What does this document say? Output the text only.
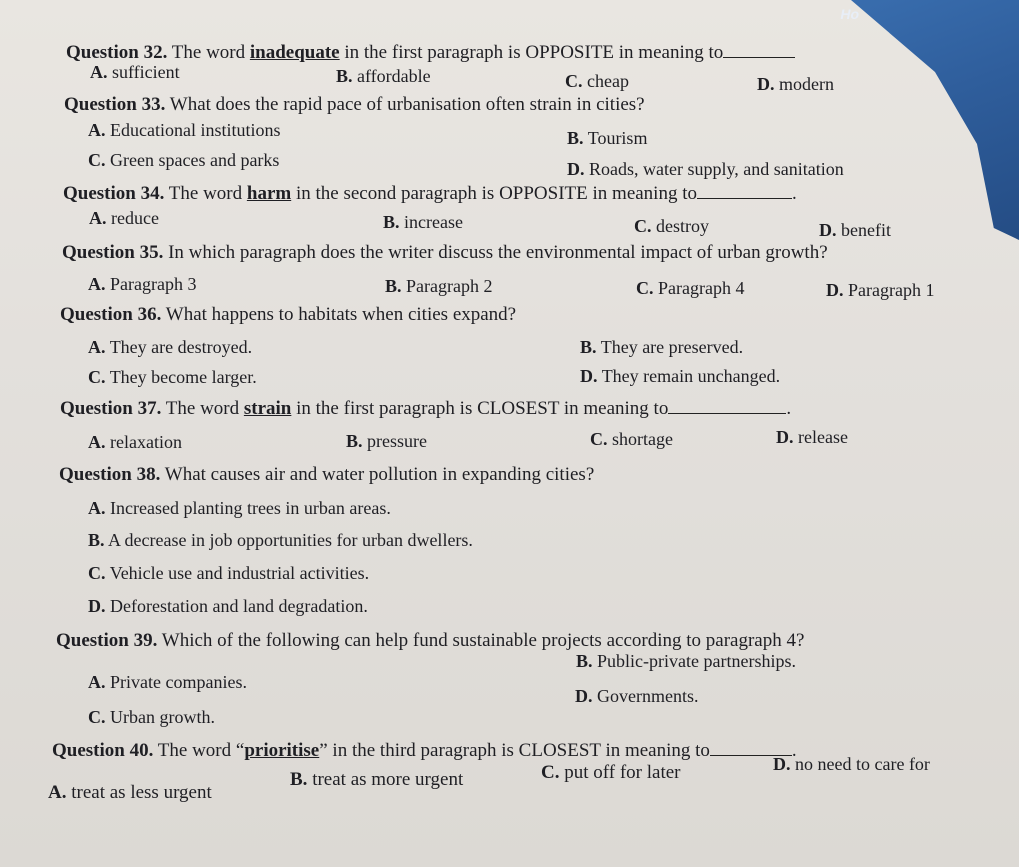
Ho
Question 32. The word inadequate in the first paragraph is OPPOSITE in meaning to
A. sufficient	B. affordable	C. cheap	D. modern
Question 33. What does the rapid pace of urbanisation often strain in cities?
A. Educational institutions	B. Tourism
C. Green spaces and parks	D. Roads, water supply, and sanitation
Question 34. The word harm in the second paragraph is OPPOSITE in meaning to	.
A. reduce	B. increase	C. destroy	D. benefit
Question 35. In which paragraph does the writer discuss the environmental impact of urban growth?
A. Paragraph 3	B. Paragraph 2	C. Paragraph 4	D. Paragraph 1
Question 36. What happens to habitats when cities expand?
A. They are destroyed.	B. They are preserved.
C. They become larger.	D. They remain unchanged.
Question 37. The word strain in the first paragraph is CLOSEST in meaning to	.
A. relaxation	B. pressure	C. shortage	D. release
Question 38. What causes air and water pollution in expanding cities?
A. Increased planting trees in urban areas.
B. A decrease in job opportunities for urban dwellers.
C. Vehicle use and industrial activities.
D. Deforestation and land degradation.
Question 39. Which of the following can help fund sustainable projects according to paragraph 4?
A. Private companies.
B. Public-private partnerships.
C. Urban growth.
D. Governments.
Question 40. The word “prioritise” in the third paragraph is CLOSEST in meaning to	.
A. treat as less urgent
B. treat as more urgent	C. put off for later	D. no need to care for
